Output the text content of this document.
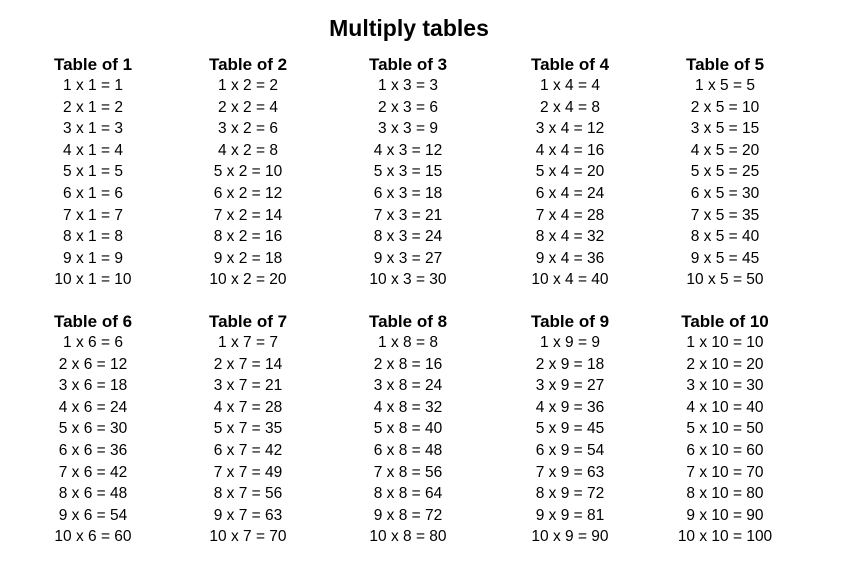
Multiply tables
Table of 1
1 x 1 = 1
2 x 1 = 2
3 x 1 = 3
4 x 1 = 4
5 x 1 = 5
6 x 1 = 6
7 x 1 = 7
8 x 1 = 8
9 x 1 = 9
10 x 1 = 10
Table of 2
1 x 2 = 2
2 x 2 = 4
3 x 2 = 6
4 x 2 = 8
5 x 2 = 10
6 x 2 = 12
7 x 2 = 14
8 x 2 = 16
9 x 2 = 18
10 x 2 = 20
Table of 3
1 x 3 = 3
2 x 3 = 6
3 x 3 = 9
4 x 3 = 12
5 x 3 = 15
6 x 3 = 18
7 x 3 = 21
8 x 3 = 24
9 x 3 = 27
10 x 3 = 30
Table of 4
1 x 4 = 4
2 x 4 = 8
3 x 4 = 12
4 x 4 = 16
5 x 4 = 20
6 x 4 = 24
7 x 4 = 28
8 x 4 = 32
9 x 4 = 36
10 x 4 = 40
Table of 5
1 x 5 = 5
2 x 5 = 10
3 x 5 = 15
4 x 5 = 20
5 x 5 = 25
6 x 5 = 30
7 x 5 = 35
8 x 5 = 40
9 x 5 = 45
10 x 5 = 50
Table of 6
1 x 6 = 6
2 x 6 = 12
3 x 6 = 18
4 x 6 = 24
5 x 6 = 30
6 x 6 = 36
7 x 6 = 42
8 x 6 = 48
9 x 6 = 54
10 x 6 = 60
Table of 7
1 x 7 = 7
2 x 7 = 14
3 x 7 = 21
4 x 7 = 28
5 x 7 = 35
6 x 7 = 42
7 x 7 = 49
8 x 7 = 56
9 x 7 = 63
10 x 7 = 70
Table of 8
1 x 8 = 8
2 x 8 = 16
3 x 8 = 24
4 x 8 = 32
5 x 8 = 40
6 x 8 = 48
7 x 8 = 56
8 x 8 = 64
9 x 8 = 72
10 x 8 = 80
Table of 9
1 x 9 = 9
2 x 9 = 18
3 x 9 = 27
4 x 9 = 36
5 x 9 = 45
6 x 9 = 54
7 x 9 = 63
8 x 9 = 72
9 x 9 = 81
10 x 9 = 90
Table of 10
1 x 10 = 10
2 x 10 = 20
3 x 10 = 30
4 x 10 = 40
5 x 10 = 50
6 x 10 = 60
7 x 10 = 70
8 x 10 = 80
9 x 10 = 90
10 x 10 = 100
